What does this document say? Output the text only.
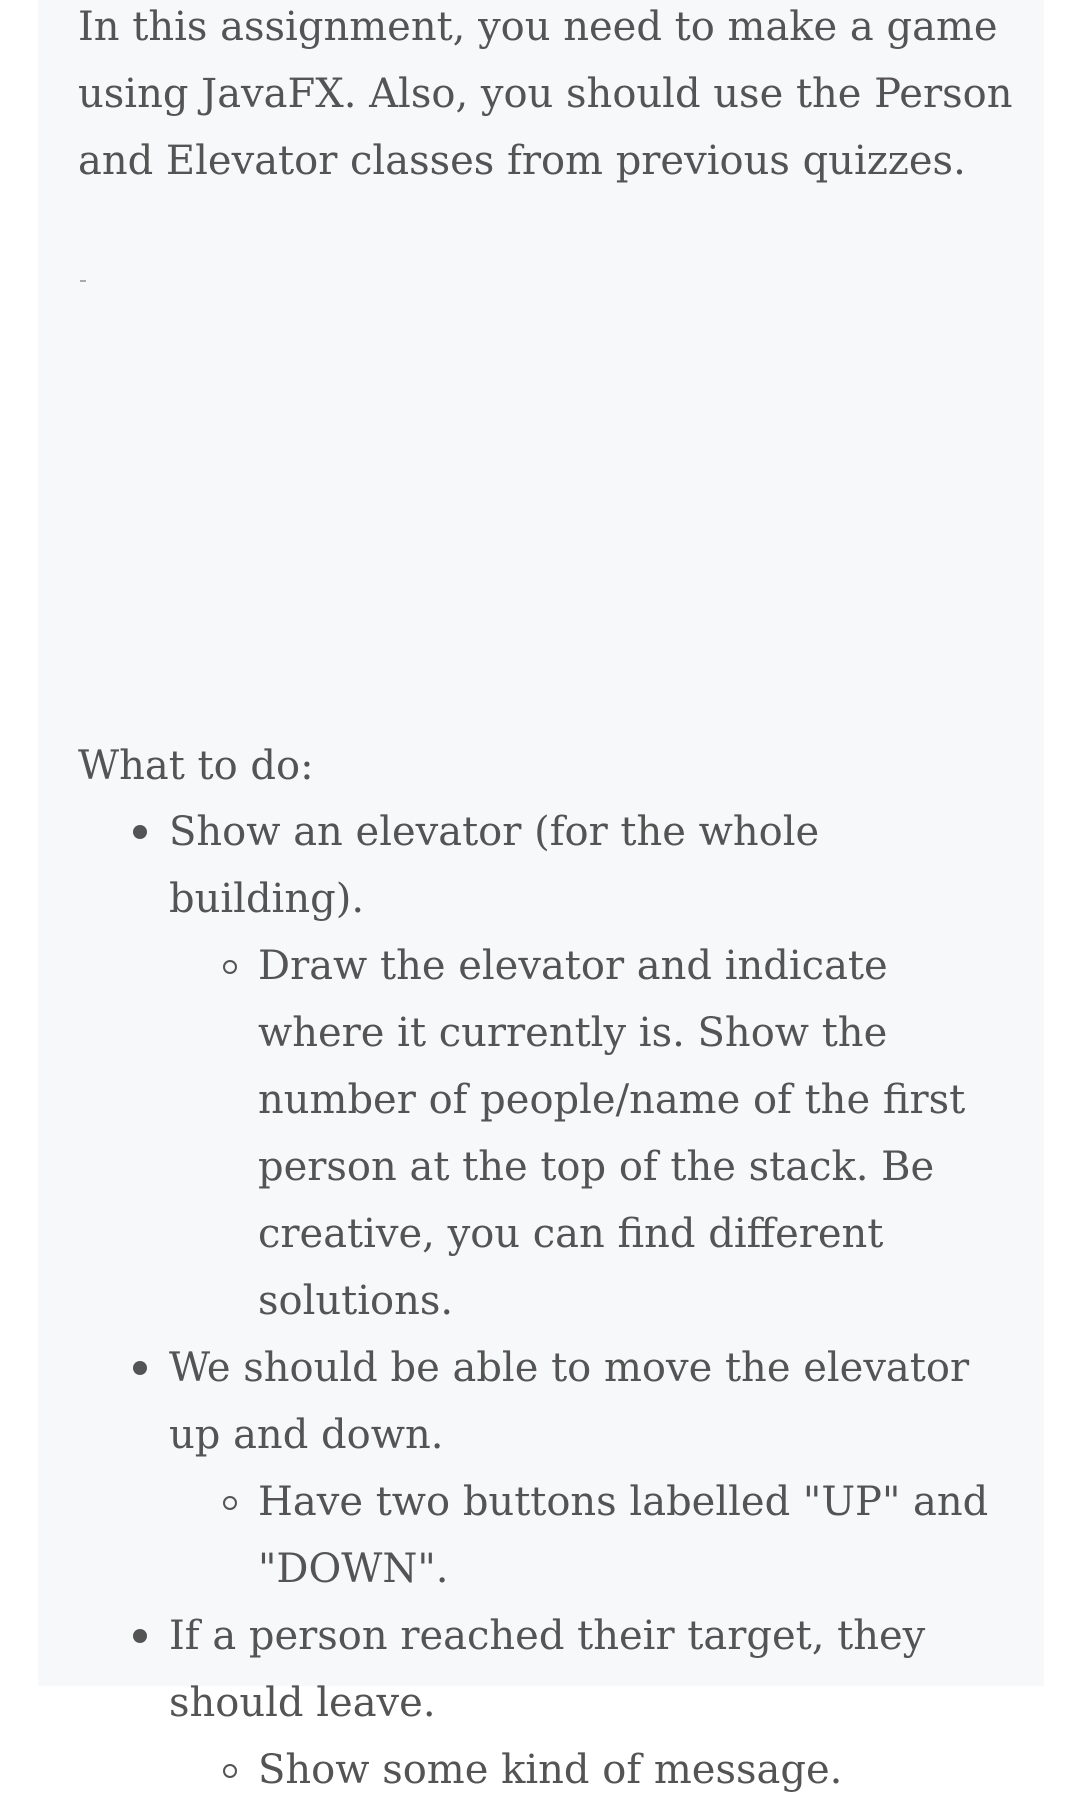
In this assignment, you need to make a game using JavaFX. Also, you should use the Person and Elevator classes from previous quizzes.

What to do:

Show an elevator (for the whole building).
Draw the elevator and indicate where it currently is. Show the number of people/name of the first person at the top of the stack. Be creative, you can find different solutions.
We should be able to move the elevator up and down.
Have two buttons labelled "UP" and "DOWN".
If a person reached their target, they should leave.
Show some kind of message.
